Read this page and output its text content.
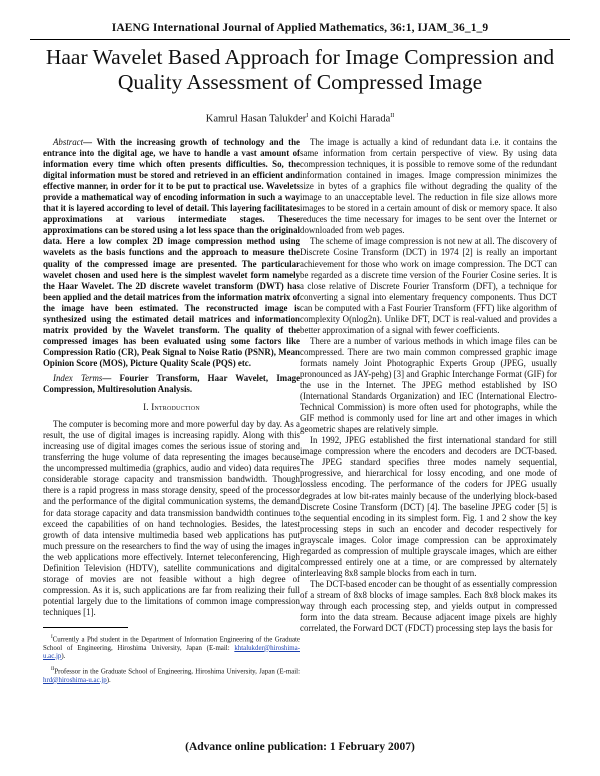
IAENG International Journal of Applied Mathematics, 36:1, IJAM_36_1_9
Haar Wavelet Based Approach for Image Compression and Quality Assessment of Compressed Image
Kamrul Hasan Talukder$^I$ and Koichi Harada$^{II}$

Abstract— With the increasing growth of technology and the entrance into the digital age, we have to handle a vast amount of information every time which often presents difficulties. So, the digital information must be stored and retrieved in an efficient and effective manner, in order for it to be put to practical use. Wavelets provide a mathematical way of encoding information in such a way that it is layered according to level of detail. This layering facilitates approximations at various intermediate stages. These approximations can be stored using a lot less space than the original data. Here a low complex 2D image compression method using wavelets as the basis functions and the approach to measure the quality of the compressed image are presented. The particular wavelet chosen and used here is the simplest wavelet form namely the Haar Wavelet. The 2D discrete wavelet transform (DWT) has been applied and the detail matrices from the information matrix of the image have been estimated. The reconstructed image is synthesized using the estimated detail matrices and information matrix provided by the Wavelet transform. The quality of the compressed images has been evaluated using some factors like Compression Ratio (CR), Peak Signal to Noise Ratio (PSNR), Mean Opinion Score (MOS), Picture Quality Scale (PQS) etc.

Index Terms— Fourier Transform, Haar Wavelet, Image Compression, Multiresolution Analysis.

I. Introduction

The computer is becoming more and more powerful day by day. As a result, the use of digital images is increasing rapidly. Along with this increasing use of digital images comes the serious issue of storing and transferring the huge volume of data representing the images because the uncompressed multimedia (graphics, audio and video) data requires considerable storage capacity and transmission bandwidth. Though there is a rapid progress in mass storage density, speed of the processor and the performance of the digital communication systems, the demand for data storage capacity and data transmission bandwidth continues to exceed the capabilities of on hand technologies. Besides, the latest growth of data intensive multimedia based web applications has put much pressure on the researchers to find the way of using the images in the web applications more effectively. Internet teleconferencing, High Definition Television (HDTV), satellite communications and digital storage of movies are not feasible without a high degree of compression. As it is, such applications are far from realizing their full potential largely due to the limitations of common image compression techniques [1].

$^I$Currently a Phd student in the Department of Information Engineering of the Graduate School of Engineering, Hiroshima University, Japan (E-mail: khtalukder@hiroshima-u.ac.jp).

$^{II}$Professor in the Graduate School of Engineering, Hiroshima University, Japan (E-mail: hrd@hiroshima-u.ac.jp).

The image is actually a kind of redundant data i.e. it contains the same information from certain perspective of view. By using data compression techniques, it is possible to remove some of the redundant information contained in images. Image compression minimizes the size in bytes of a graphics file without degrading the quality of the image to an unacceptable level. The reduction in file size allows more images to be stored in a certain amount of disk or memory space. It also reduces the time necessary for images to be sent over the Internet or downloaded from web pages.

The scheme of image compression is not new at all. The discovery of Discrete Cosine Transform (DCT) in 1974 [2] is really an important achievement for those who work on image compression. The DCT can be regarded as a discrete time version of the Fourier Cosine series. It is a close relative of Discrete Fourier Transform (DFT), a technique for converting a signal into elementary frequency components. Thus DCT can be computed with a Fast Fourier Transform (FFT) like algorithm of complexity O(nlog2n). Unlike DFT, DCT is real-valued and provides a better approximation of a signal with fewer coefficients.

There are a number of various methods in which image files can be compressed. There are two main common compressed graphic image formats namely Joint Photographic Experts Group (JPEG, usually pronounced as JAY-pehg) [3] and Graphic Interchange Format (GIF) for the use in the Internet. The JPEG method established by ISO (International Standards Organization) and IEC (International Electro-Technical Commission) is more often used for photographs, while the GIF method is commonly used for line art and other images in which geometric shapes are relatively simple.

In 1992, JPEG established the first international standard for still image compression where the encoders and decoders are DCT-based. The JPEG standard specifies three modes namely sequential, progressive, and hierarchical for lossy encoding, and one mode of lossless encoding. The performance of the coders for JPEG usually degrades at low bit-rates mainly because of the underlying block-based Discrete Cosine Transform (DCT) [4]. The baseline JPEG coder [5] is the sequential encoding in its simplest form. Fig. 1 and 2 show the key processing steps in such an encoder and decoder respectively for grayscale images. Color image compression can be approximately regarded as compression of multiple grayscale images, which are either compressed entirely one at a time, or are compressed by alternately interleaving 8x8 sample blocks from each in turn.

The DCT-based encoder can be thought of as essentially compression of a stream of 8x8 blocks of image samples. Each 8x8 block makes its way through each processing step, and yields output in compressed form into the data stream. Because adjacent image pixels are highly correlated, the Forward DCT (FDCT) processing step lays the basis for

(Advance online publication: 1 February 2007)
